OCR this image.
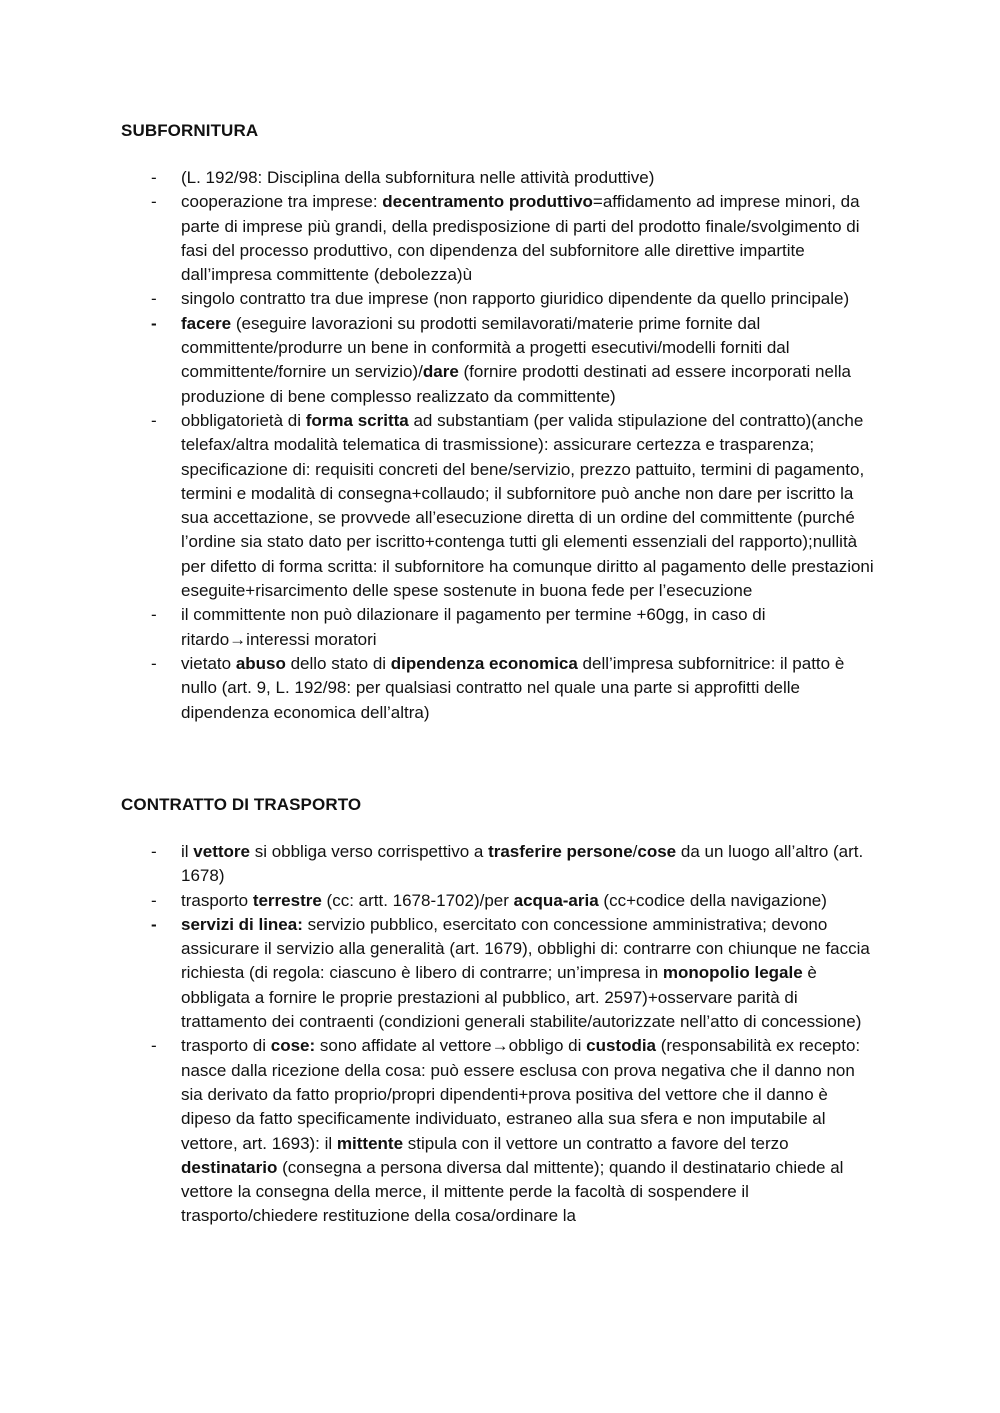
SUBFORNITURA
-	(L. 192/98: Disciplina della subfornitura nelle attività produttive)
-	cooperazione tra imprese: decentramento produttivo=affidamento ad imprese minori, da parte di imprese più grandi, della predisposizione di parti del prodotto finale/svolgimento di fasi del processo produttivo, con dipendenza del subfornitore alle direttive impartite dall’impresa committente (debolezza)ù
-	singolo contratto tra due imprese (non rapporto giuridico dipendente da quello principale)
-	facere (eseguire lavorazioni su prodotti semilavorati/materie prime fornite dal committente/produrre un bene in conformità a progetti esecutivi/modelli forniti dal committente/fornire un servizio)/dare (fornire prodotti destinati ad essere incorporati nella produzione di bene complesso realizzato da committente)
-	obbligatorietà di forma scritta ad substantiam (per valida stipulazione del contratto)(anche telefax/altra modalità telematica di trasmissione): assicurare certezza e trasparenza; specificazione di: requisiti concreti del bene/servizio, prezzo pattuito, termini di pagamento, termini e modalità di consegna+collaudo; il subfornitore può anche non dare per iscritto la sua accettazione, se provvede all’esecuzione diretta di un ordine del committente (purché l’ordine sia stato dato per iscritto+contenga tutti gli elementi essenziali del rapporto);nullità per difetto di forma scritta: il subfornitore ha comunque diritto al pagamento delle prestazioni eseguite+risarcimento delle spese sostenute in buona fede per l’esecuzione
-	il committente non può dilazionare il pagamento per termine +60gg, in caso di ritardo→interessi moratori
-	vietato abuso dello stato di dipendenza economica dell’impresa subfornitrice: il patto è nullo (art. 9, L. 192/98: per qualsiasi contratto nel quale una parte si approfitti delle dipendenza economica dell’altra)
CONTRATTO DI TRASPORTO
-	il vettore si obbliga verso corrispettivo a trasferire persone/cose da un luogo all’altro (art. 1678)
-	trasporto terrestre (cc: artt. 1678-1702)/per acqua-aria (cc+codice della navigazione)
-	servizi di linea: servizio pubblico, esercitato con concessione amministrativa; devono assicurare il servizio alla generalità (art. 1679), obblighi di: contrarre con chiunque ne faccia richiesta (di regola: ciascuno è libero di contrarre; un’impresa in monopolio legale è obbligata a fornire le proprie prestazioni al pubblico, art. 2597)+osservare parità di trattamento dei contraenti (condizioni generali stabilite/autorizzate nell’atto di concessione)
-	trasporto di cose: sono affidate al vettore→obbligo di custodia (responsabilità ex recepto: nasce dalla ricezione della cosa: può essere esclusa con prova negativa che il danno non sia derivato da fatto proprio/propri dipendenti+prova positiva del vettore che il danno è dipeso da fatto specificamente individuato, estraneo alla sua sfera e non imputabile al vettore, art. 1693): il mittente stipula con il vettore un contratto a favore del terzo destinatario (consegna a persona diversa dal mittente); quando il destinatario chiede al vettore la consegna della merce, il mittente perde la facoltà di sospendere il trasporto/chiedere restituzione della cosa/ordinare la
